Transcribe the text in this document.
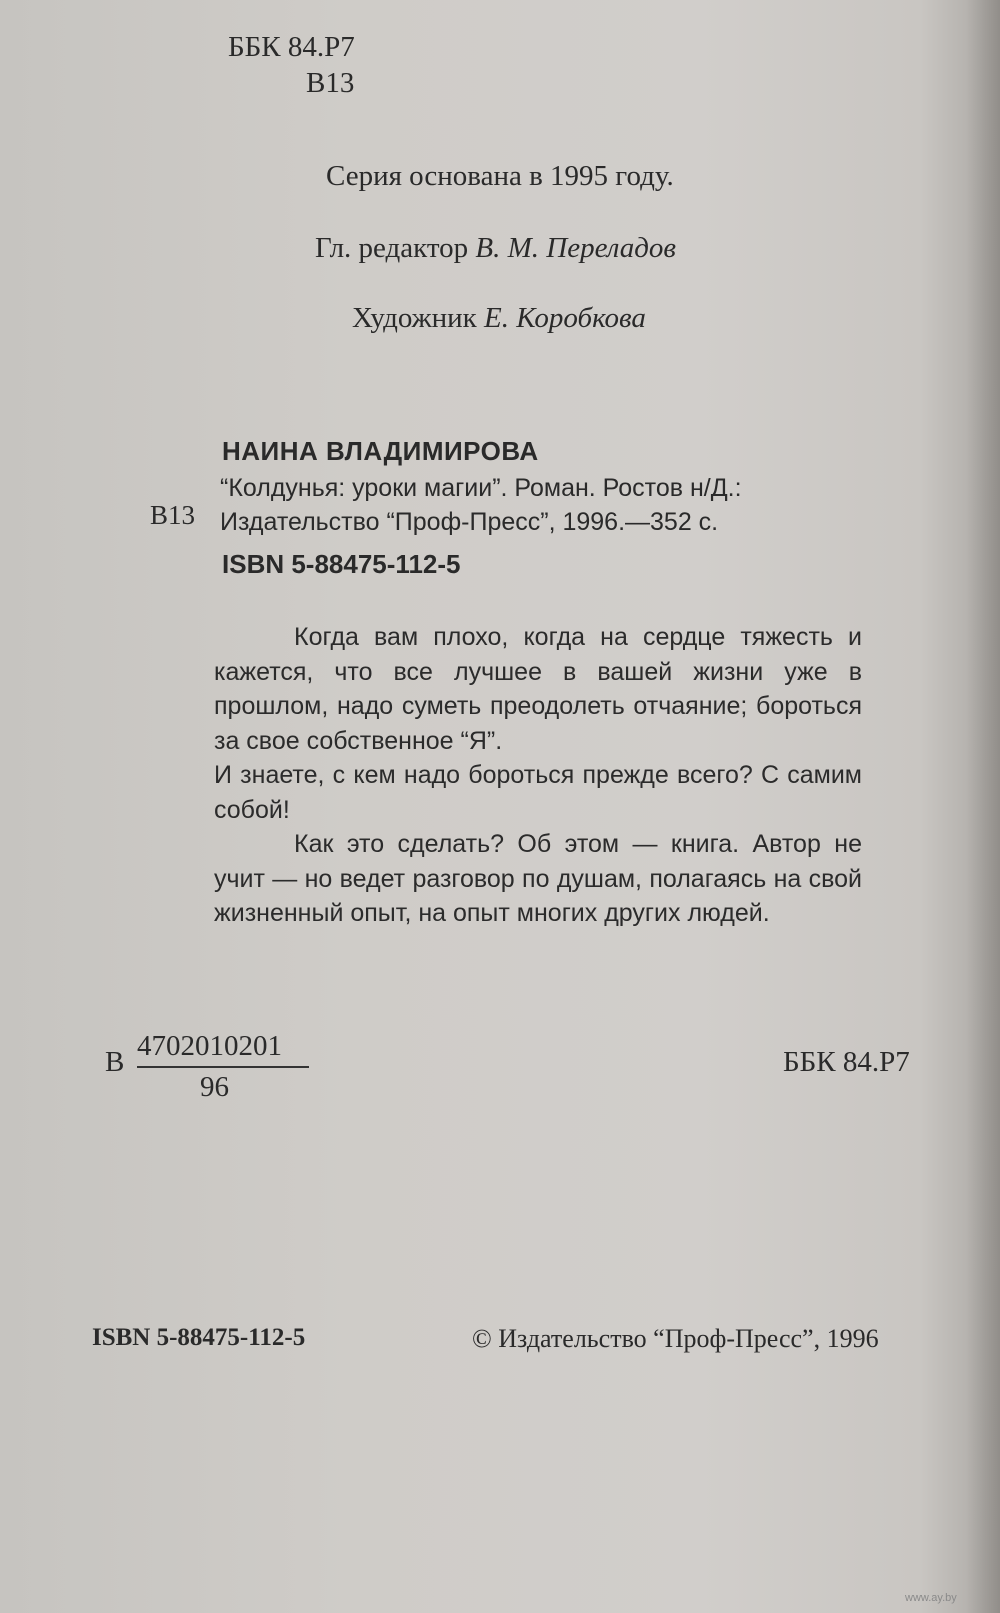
ББК 84.Р7
В13
Серия основана в 1995 году.
Гл. редактор В. М. Переладов
Художник Е. Коробкова
НАИНА ВЛАДИМИРОВА
В13
“Колдунья: уроки магии”. Роман. Ростов н/Д.:
Издательство “Проф-Пресс”, 1996.—352 с.
ISBN 5-88475-112-5

Когда вам плохо, когда на сердце тяжесть и кажется, что все лучшее в вашей жизни уже в прошлом, надо суметь преодолеть отчаяние; бороться за свое собственное “Я”.

И знаете, с кем надо бороться прежде всего? С самим собой!

Как это сделать? Об этом — книга. Автор не учит — но ведет разговор по душам, полагаясь на свой жизненный опыт, на опыт многих других людей.

В 4702010201
96
ББК 84.Р7
ISBN 5-88475-112-5	© Издательство “Проф-Пресс”, 1996
www.ay.by
